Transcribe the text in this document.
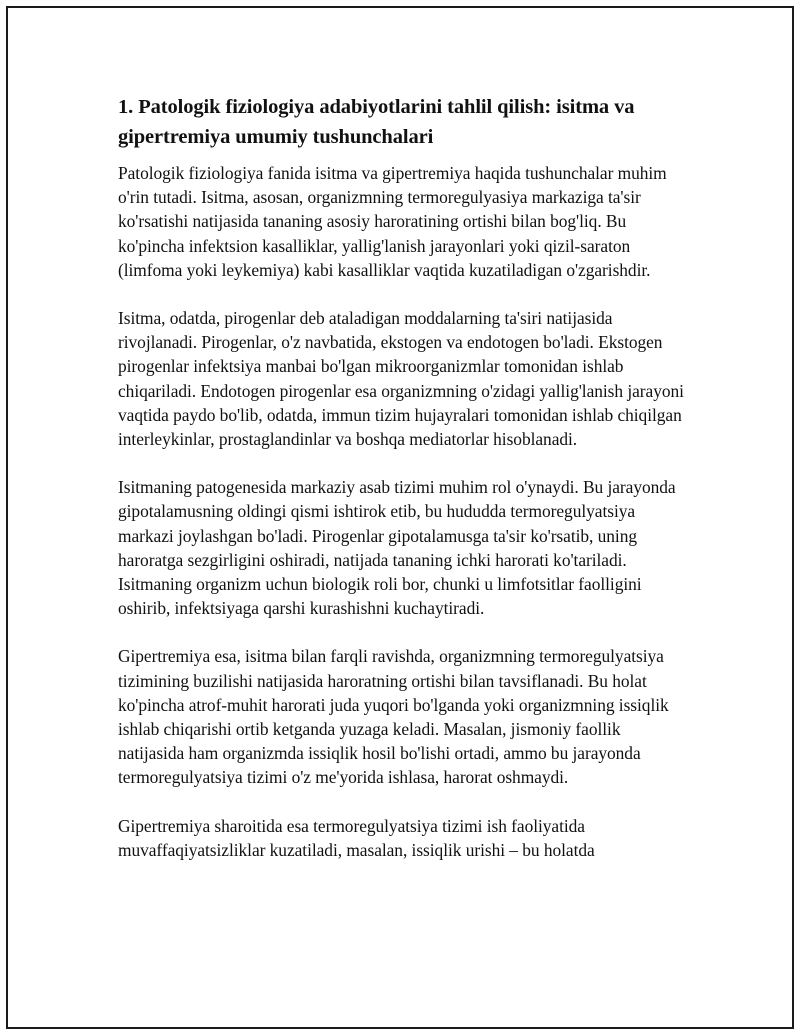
1. Patologik fiziologiya adabiyotlarini tahlil qilish: isitma va gipertremiya umumiy tushunchalari

Patologik fiziologiya fanida isitma va gipertremiya haqida tushunchalar muhim o'rin tutadi. Isitma, asosan, organizmning termoregulyasiya markaziga ta'sir ko'rsatishi natijasida tananing asosiy haroratining ortishi bilan bog'liq. Bu ko'pincha infektsion kasalliklar, yallig'lanish jarayonlari yoki qizil-saraton (limfoma yoki leykemiya) kabi kasalliklar vaqtida kuzatiladigan o'zgarishdir.

Isitma, odatda, pirogenlar deb ataladigan moddalarning ta'siri natijasida rivojlanadi. Pirogenlar, o'z navbatida, ekstogen va endotogen bo'ladi. Ekstogen pirogenlar infektsiya manbai bo'lgan mikroorganizmlar tomonidan ishlab chiqariladi. Endotogen pirogenlar esa organizmning o'zidagi yallig'lanish jarayoni vaqtida paydo bo'lib, odatda, immun tizim hujayralari tomonidan ishlab chiqilgan interleykinlar, prostaglandinlar va boshqa mediatorlar hisoblanadi.

Isitmaning patogenesida markaziy asab tizimi muhim rol o'ynaydi. Bu jarayonda gipotalamusning oldingi qismi ishtirok etib, bu hududda termoregulyatsiya markazi joylashgan bo'ladi. Pirogenlar gipotalamusga ta'sir ko'rsatib, uning haroratga sezgirligini oshiradi, natijada tananing ichki harorati ko'tariladi. Isitmaning organizm uchun biologik roli bor, chunki u limfotsitlar faolligini oshirib, infektsiyaga qarshi kurashishni kuchaytiradi.

Gipertremiya esa, isitma bilan farqli ravishda, organizmning termoregulyatsiya tizimining buzilishi natijasida haroratning ortishi bilan tavsiflanadi. Bu holat ko'pincha atrof-muhit harorati juda yuqori bo'lganda yoki organizmning issiqlik ishlab chiqarishi ortib ketganda yuzaga keladi. Masalan, jismoniy faollik natijasida ham organizmda issiqlik hosil bo'lishi ortadi, ammo bu jarayonda termoregulyatsiya tizimi o'z me'yorida ishlasa, harorat oshmaydi.

Gipertremiya sharoitida esa termoregulyatsiya tizimi ish faoliyatida muvaffaqiyatsizliklar kuzatiladi, masalan, issiqlik urishi – bu holatda
